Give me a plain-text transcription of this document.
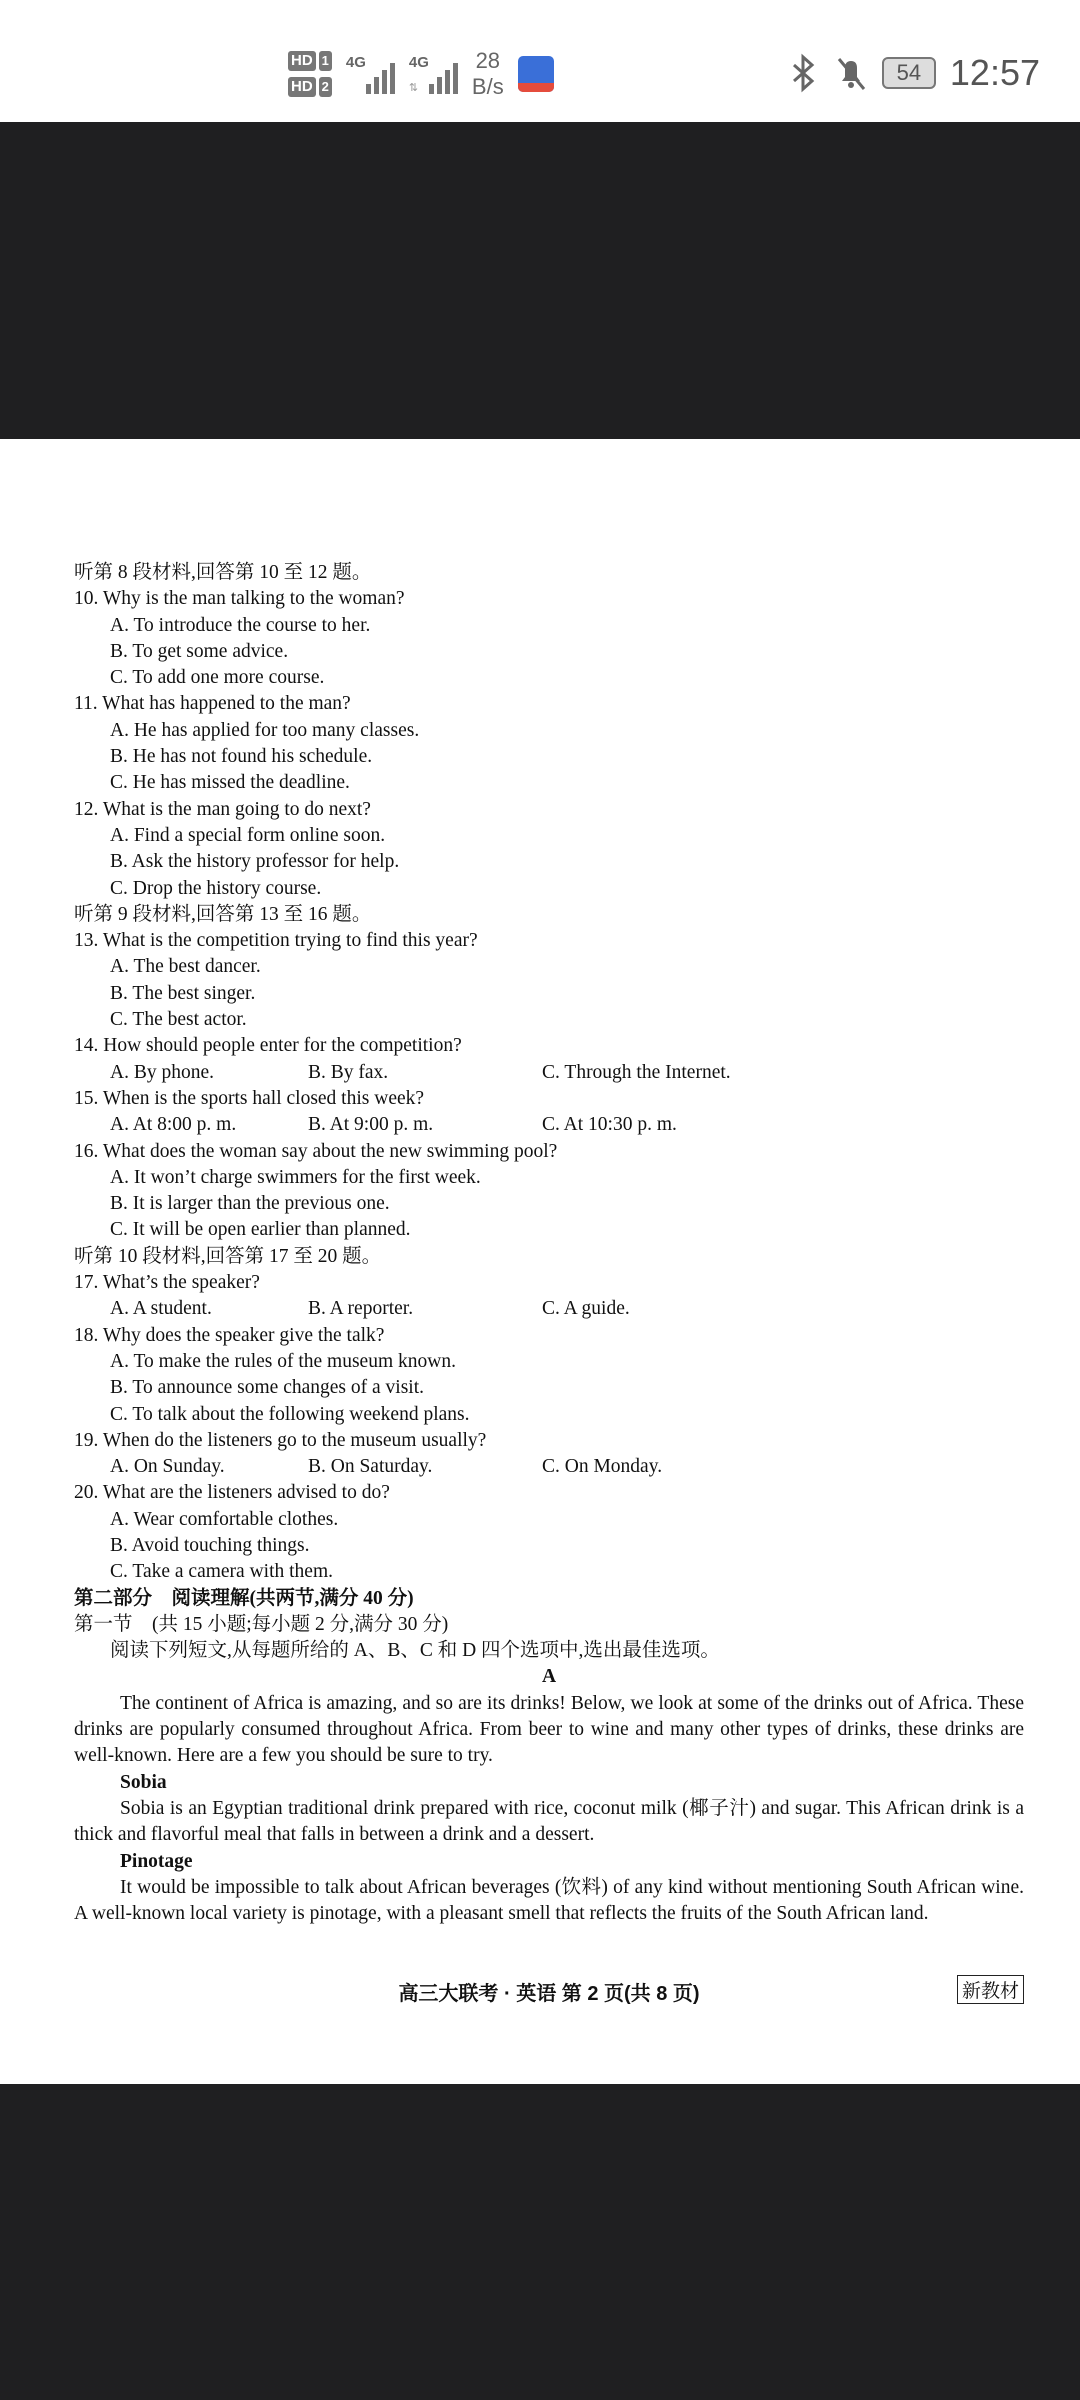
HD 1
HD 2
4G	4G
⇅
28
B/s
54 12:57
听第 8 段材料,回答第 10 至 12 题。
10. Why is the man talking to the woman?
A. To introduce the course to her.
B. To get some advice.
C. To add one more course.
11. What has happened to the man?
A. He has applied for too many classes.
B. He has not found his schedule.
C. He has missed the deadline.
12. What is the man going to do next?
A. Find a special form online soon.
B. Ask the history professor for help.
C. Drop the history course.
听第 9 段材料,回答第 13 至 16 题。
13. What is the competition trying to find this year?
A. The best dancer.
B. The best singer.
C. The best actor.
14. How should people enter for the competition?
A. By phone.	B. By fax.	C. Through the Internet.
15. When is the sports hall closed this week?
A. At 8:00 p. m.	B. At 9:00 p. m.	C. At 10:30 p. m.
16. What does the woman say about the new swimming pool?
A. It won’t charge swimmers for the first week.
B. It is larger than the previous one.
C. It will be open earlier than planned.
听第 10 段材料,回答第 17 至 20 题。
17. What’s the speaker?
A. A student.	B. A reporter.	C. A guide.
18. Why does the speaker give the talk?
A. To make the rules of the museum known.
B. To announce some changes of a visit.
C. To talk about the following weekend plans.
19. When do the listeners go to the museum usually?
A. On Sunday.	B. On Saturday.	C. On Monday.
20. What are the listeners advised to do?
A. Wear comfortable clothes.
B. Avoid touching things.
C. Take a camera with them.
第二部分　阅读理解(共两节,满分 40 分)
第一节　(共 15 小题;每小题 2 分,满分 30 分)
阅读下列短文,从每题所给的 A、B、C 和 D 四个选项中,选出最佳选项。
A
The continent of Africa is amazing, and so are its drinks! Below, we look at some of the drinks out of Africa. These drinks are popularly consumed throughout Africa. From beer to wine and many other types of drinks, these drinks are well-known. Here are a few you should be sure to try.
Sobia
Sobia is an Egyptian traditional drink prepared with rice, coconut milk (椰子汁) and sugar. This African drink is a thick and flavorful meal that falls in between a drink and a dessert.
Pinotage
It would be impossible to talk about African beverages (饮料) of any kind without mentioning South African wine. A well-known local variety is pinotage, with a pleasant smell that reflects the fruits of the South African land.
高三大联考 · 英语 第 2 页(共 8 页)	新教材
